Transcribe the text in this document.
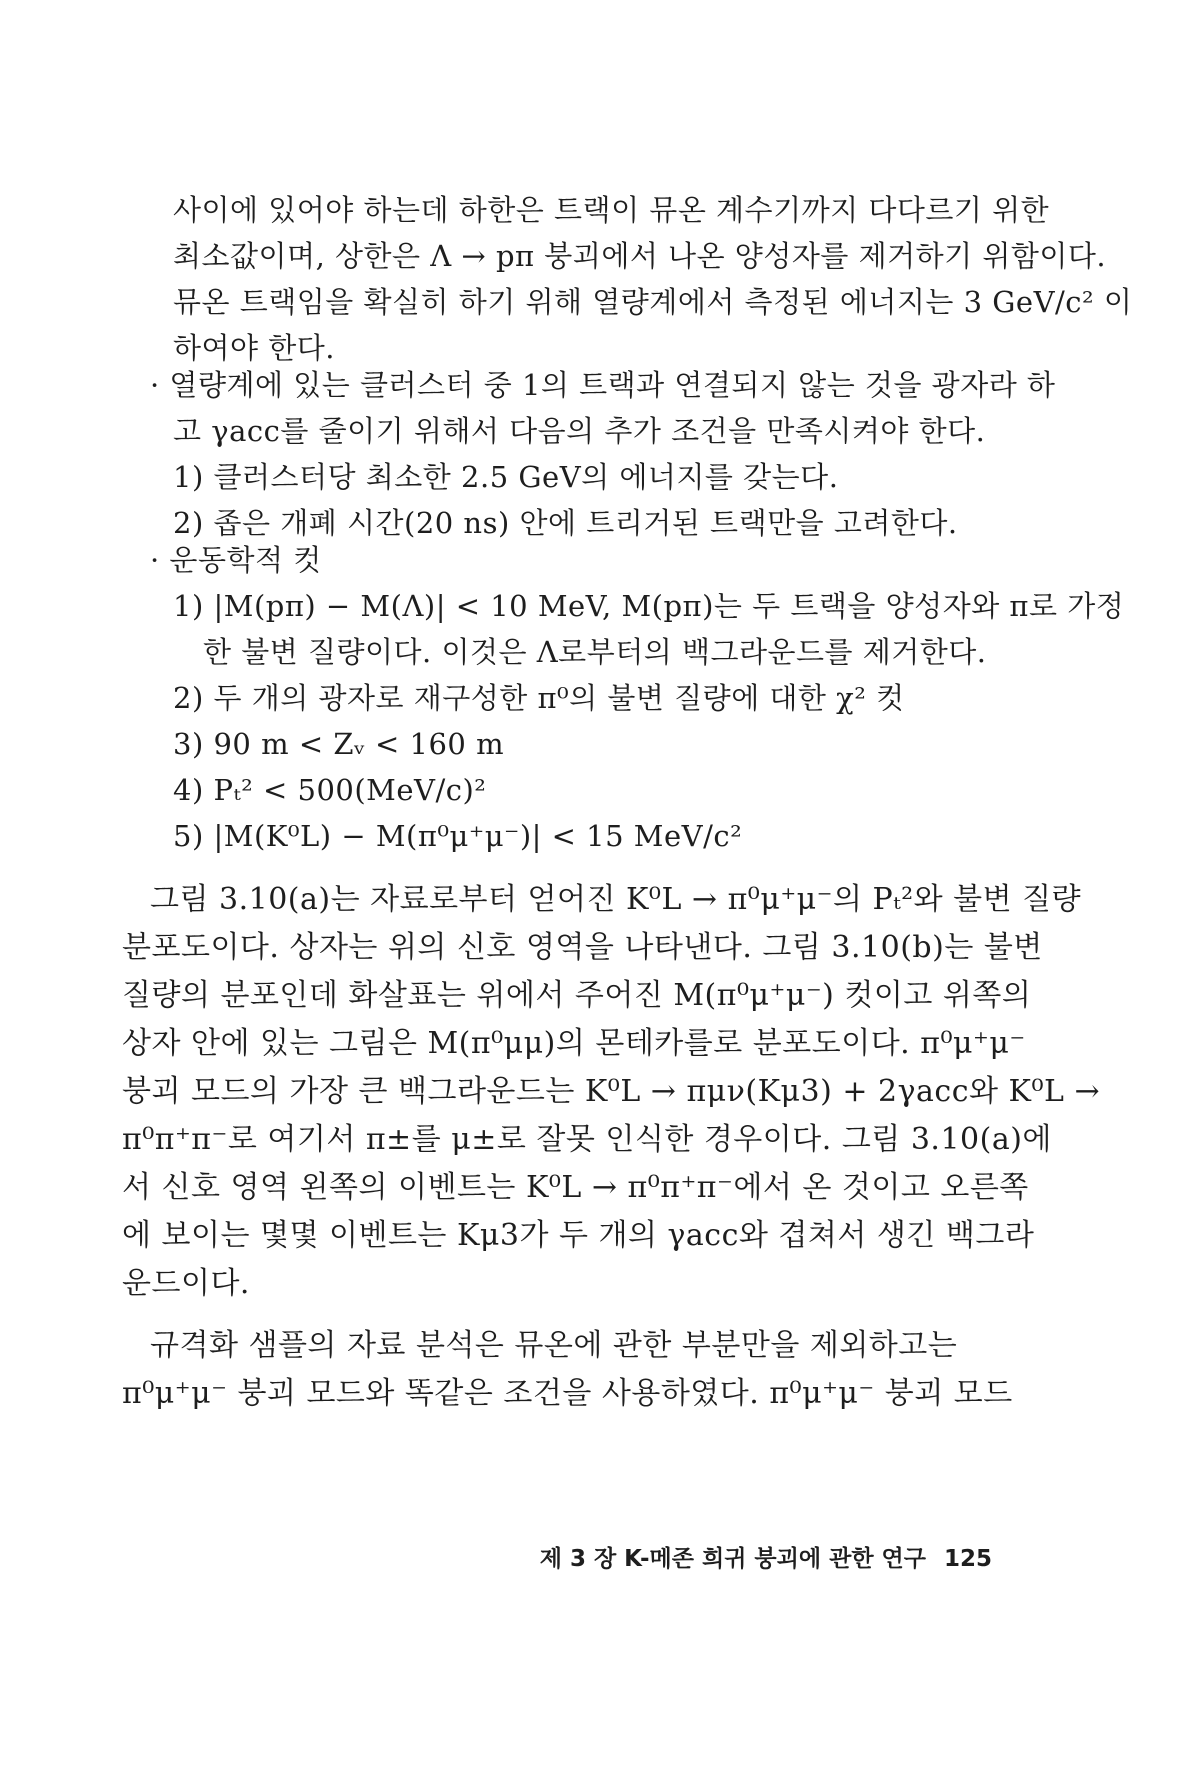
사이에 있어야 하는데 하한은 트랙이 뮤온 계수기까지 다다르기 위한
최소값이며, 상한은 Λ → pπ 붕괴에서 나온 양성자를 제거하기 위함이다.
뮤온 트랙임을 확실히 하기 위해 열량계에서 측정된 에너지는 3 GeV/c² 이
하여야 한다.
· 열량계에 있는 클러스터 중 1의 트랙과 연결되지 않는 것을 광자라 하
고 γacc를 줄이기 위해서 다음의 추가 조건을 만족시켜야 한다.
1) 클러스터당 최소한 2.5 GeV의 에너지를 갖는다.
2) 좁은 개폐 시간(20 ns) 안에 트리거된 트랙만을 고려한다.
· 운동학적 컷
1) |M(pπ) − M(Λ)| < 10 MeV, M(pπ)는 두 트랙을 양성자와 π로 가정
한 불변 질량이다. 이것은 Λ로부터의 백그라운드를 제거한다.
2) 두 개의 광자로 재구성한 π⁰의 불변 질량에 대한 χ² 컷
3) 90 m < Zᵥ < 160 m
4) Pₜ² < 500(MeV/c)²
5) |M(K⁰L) − M(π⁰μ⁺μ⁻)| < 15 MeV/c²
그림 3.10(a)는 자료로부터 얻어진 K⁰L → π⁰μ⁺μ⁻의 Pₜ²와 불변 질량
분포도이다. 상자는 위의 신호 영역을 나타낸다. 그림 3.10(b)는 불변
질량의 분포인데 화살표는 위에서 주어진 M(π⁰μ⁺μ⁻) 컷이고 위쪽의
상자 안에 있는 그림은 M(π⁰μμ)의 몬테카를로 분포도이다. π⁰μ⁺μ⁻
붕괴 모드의 가장 큰 백그라운드는 K⁰L → πμν(Kμ3) + 2γacc와 K⁰L →
π⁰π⁺π⁻로 여기서 π±를 μ±로 잘못 인식한 경우이다. 그림 3.10(a)에
서 신호 영역 왼쪽의 이벤트는 K⁰L → π⁰π⁺π⁻에서 온 것이고 오른쪽
에 보이는 몇몇 이벤트는 Kμ3가 두 개의 γacc와 겹쳐서 생긴 백그라
운드이다.
규격화 샘플의 자료 분석은 뮤온에 관한 부분만을 제외하고는
π⁰μ⁺μ⁻ 붕괴 모드와 똑같은 조건을 사용하였다. π⁰μ⁺μ⁻ 붕괴 모드
제 3 장 K-메존 희귀 붕괴에 관한 연구 125
